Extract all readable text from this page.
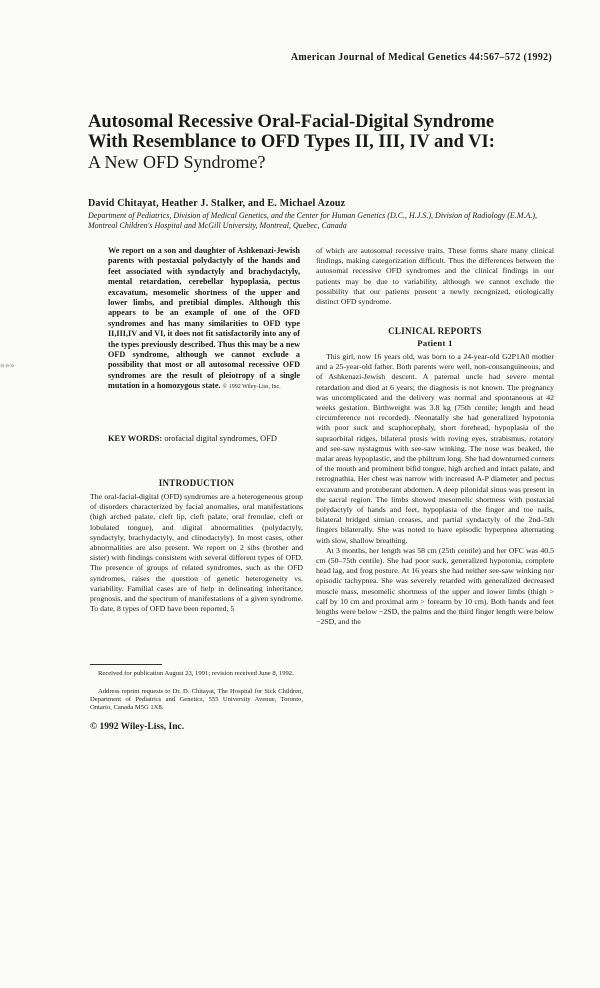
American Journal of Medical Genetics 44:567–572 (1992)
Autosomal Recessive Oral-Facial-Digital Syndrome
With Resemblance to OFD Types II, III, IV and VI:
A New OFD Syndrome?
David Chitayat, Heather J. Stalker, and E. Michael Azouz
Department of Pediatrics, Division of Medical Genetics, and the Center for Human Genetics (D.C., H.J.S.), Division of Radiology (E.M.A.), Montreal Children's Hospital and McGill University, Montreal, Quebec, Canada

We report on a son and daughter of Ashkenazi-Jewish parents with postaxial polydactyly of the hands and feet associated with syndactyly and brachydactyly, mental retardation, cerebellar hypoplasia, pectus excavatum, mesomelic shortness of the upper and lower limbs, and pretibial dimples. Although this appears to be an example of one of the OFD syndromes and has many similarities to OFD type II,III,IV and VI, it does not fit satisfactorily into any of the types previously described. Thus this may be a new OFD syndrome, although we cannot exclude a possibility that most or all autosomal recessive OFD syndromes are the result of pleiotropy of a single mutation in a homozygous state. © 1992 Wiley-Liss, Inc.

KEY WORDS: orofacial digital syndromes, OFD
»»»
INTRODUCTION

The oral-facial-digital (OFD) syndromes are a heterogeneous group of disorders characterized by facial anomalies, oral manifestations (high arched palate, cleft lip, cleft palate, oral frenulae, cleft or lobulated tongue), and digital abnormalities (polydactyly, syndactyly, brachydactyly, and clinodactyly). In most cases, other abnormalities are also present. We report on 2 sibs (brother and sister) with findings consistent with several different types of OFD. The presence of groups of related syndromes, such as the OFD syndromes, raises the question of genetic heterogeneity vs. variability. Familial cases are of help in delineating inheritance, prognosis, and the spectrum of manifestations of a given syndrome. To date, 8 types of OFD have been reported, 5

Received for publication August 23, 1991; revision received June 8, 1992.

Address reprint requests to Dr. D. Chitayat, The Hospital for Sick Children, Department of Pediatrics and Genetics, 555 University Avenue, Toronto, Ontario, Canada M5G 1X8.

© 1992 Wiley-Liss, Inc.

of which are autosomal recessive traits. These forms share many clinical findings, making categorization difficult. Thus the differences between the autosomal recessive OFD syndromes and the clinical findings in our patients may be due to variability, although we cannot exclude the possibility that our patients present a newly recognized, etiologically distinct OFD syndrome.

CLINICAL REPORTS
Patient 1

This girl, now 16 years old, was born to a 24-year-old G2P1A0 mother and a 25-year-old father. Both parents were well, non-consanguineous, and of Ashkenazi-Jewish descent. A paternal uncle had severe mental retardation and died at 6 years; the diagnosis is not known. The pregnancy was uncomplicated and the delivery was normal and spontaneous at 42 weeks gestation. Birthweight was 3.8 kg (75th centile; length and head circumference not recorded). Neonatally she had generalized hypotonia with poor suck and scaphocephaly, short forehead, hypoplasia of the supraorbital ridges, bilateral ptosis with roving eyes, strabismus, rotatory and see-saw nystagmus with see-saw winking. The nose was beaked, the malar areas hypoplastic, and the philtrum long. She had downturned corners of the mouth and prominent bifid tongue, high arched and intact palate, and retrognathia. Her chest was narrow with increased A-P diameter and pectus excavatum and protuberant abdomen. A deep pilonidal sinus was present in the sacral region. The limbs showed mesomelic shortness with postaxial polydactyly of hands and feet, hypoplasia of the finger and toe nails, bilateral bridged simian creases, and partial syndactyly of the 2nd–5th fingers bilaterally. She was noted to have episodic hyperpnea alternating with slow, shallow breathing.

At 3 months, her length was 58 cm (25th centile) and her OFC was 40.5 cm (50–75th centile). She had poor suck, generalized hypotonia, complete head lag, and frog posture. At 16 years she had neither see-saw winking nor episodic tachypnea. She was severely retarded with generalized decreased muscle mass, mesomelic shortness of the upper and lower limbs (thigh > calf by 10 cm and proximal arm > forearm by 10 cm). Both hands and feet lengths were below −2SD, the palms and the third finger length were below −2SD, and the
